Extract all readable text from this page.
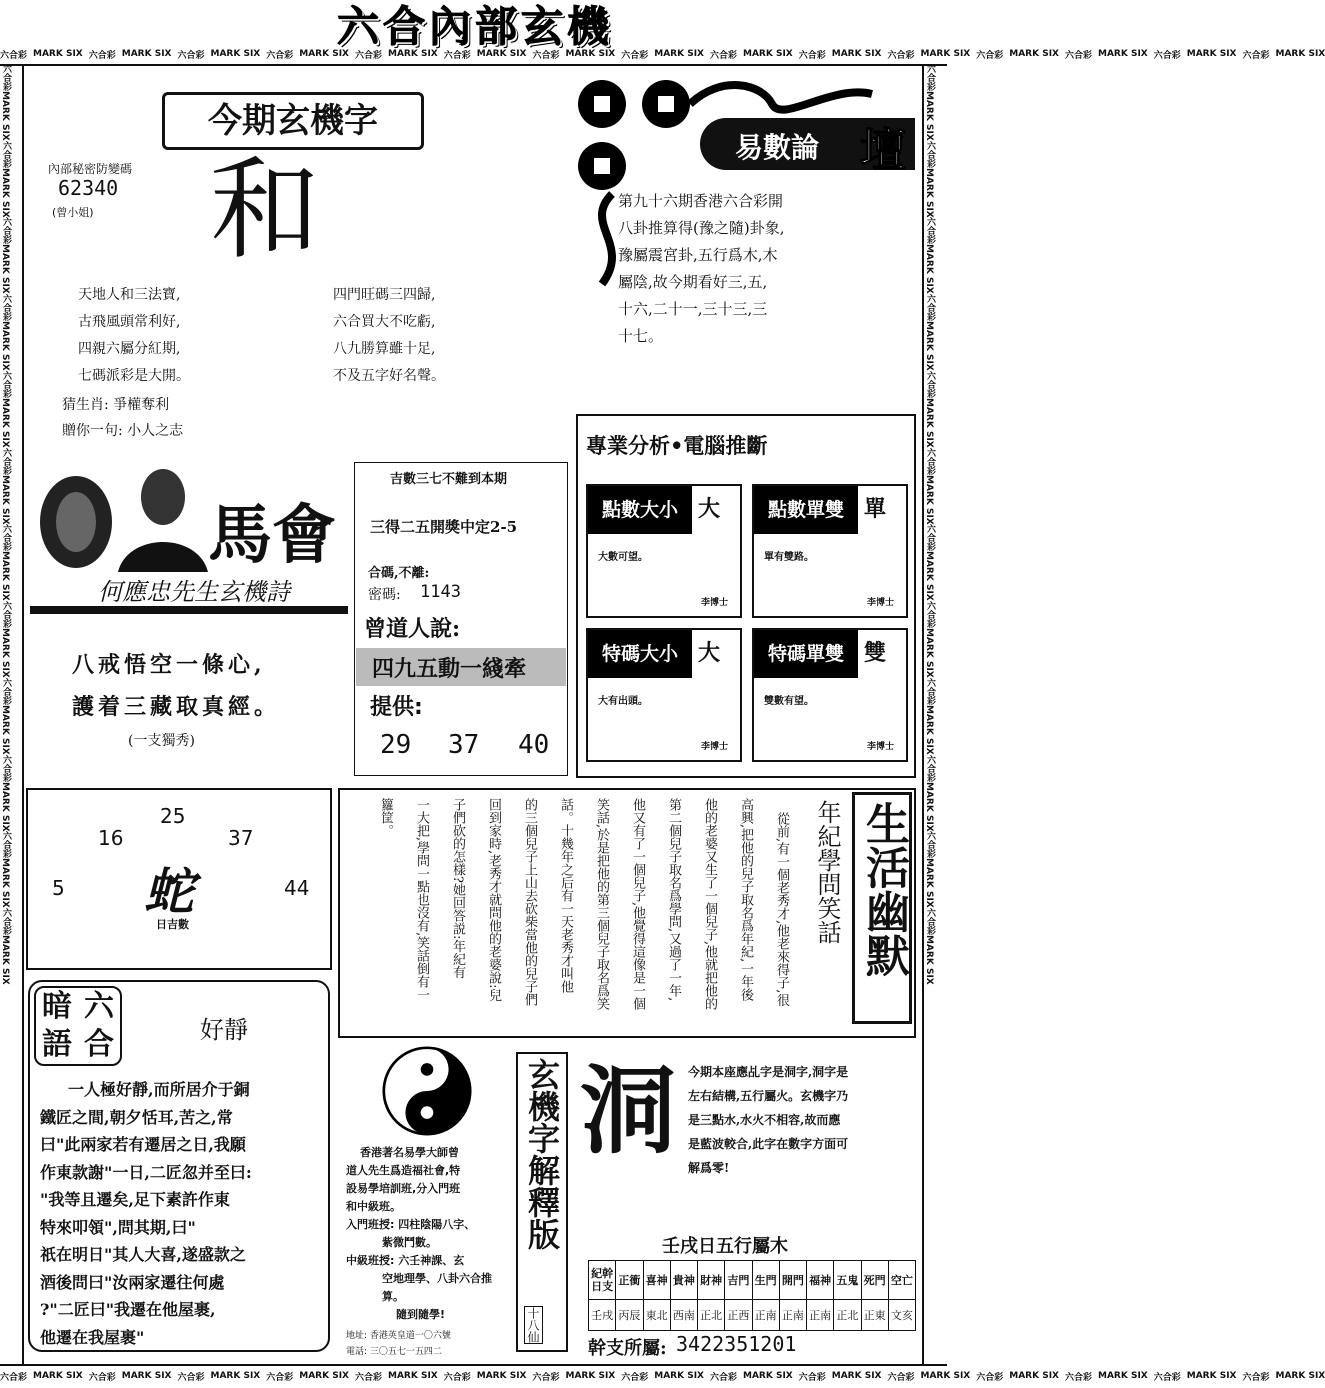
六合內部玄機
六合彩 MARK SIX 六合彩 MARK SIX 六合彩 MARK SIX 六合彩 MARK SIX 六合彩 MARK SIX 六合彩 MARK SIX 六合彩 MARK SIX 六合彩 MARK SIX 六合彩 MARK SIX 六合彩 MARK SIX 六合彩 MARK SIX 六合彩 MARK SIX 六合彩 MARK SIX 六合彩 MARK SIX 六合彩 MARK SIX
六合彩 MARK SIX 六合彩 MARK SIX 六合彩 MARK SIX 六合彩 MARK SIX 六合彩 MARK SIX 六合彩 MARK SIX 六合彩 MARK SIX 六合彩 MARK SIX 六合彩 MARK SIX 六合彩 MARK SIX 六合彩 MARK SIX 六合彩 MARK SIX 六合彩 MARK SIX 六合彩 MARK SIX 六合彩 MARK SIX
六合彩
MARK SIX
六合彩
MARK SIX
六合彩
MARK SIX
六合彩
MARK SIX
六合彩
MARK SIX
六合彩
MARK SIX
六合彩
MARK SIX
六合彩
MARK SIX
六合彩
MARK SIX
六合彩
MARK SIX
六合彩
MARK SIX
六合彩
MARK SIX
六合彩
MARK SIX
六合彩
MARK SIX
六合彩
MARK SIX
六合彩
MARK SIX
六合彩
MARK SIX
六合彩
MARK SIX
六合彩
MARK SIX
六合彩
MARK SIX
六合彩
MARK SIX
六合彩
MARK SIX
六合彩
MARK SIX
六合彩
MARK SIX
今期玄機字
內部秘密防變碼
62340
(曾小姐) 和
天地人和三法寶,
古飛風頭常利好,
四親六屬分紅期,
七碼派彩是大開。
四門旺碼三四歸,
六合買大不吃虧,
八九勝算雖十足,
不及五字好名聲。
猜生肖: 爭權奪利
贈你一句: 小人之志
易數論 壇
第九十六期香港六合彩開
八卦推算得(豫之隨)卦象,
豫屬震宮卦,五行爲木,木
屬陰,故今期看好三,五,
十六,二十一,三十三,三
十七。
專業分析•電腦推斷
點數大小 大
大數可望。
李博士
點數單雙 單
單有雙路。
李博士
特碼大小 大
大有出頭。
李博士
特碼單雙 雙
雙數有望。
李博士
馬會
何應忠先生玄機詩
八戒悟空一條心,
護着三藏取真經。
(一支獨秀)
吉數三七不難到本期
三得二五開獎中定2-5
合碼,不離:
密碼: 1143
曾道人說:
四九五動一綫牽
提供:
29 37 40
25
16	37
5	44
蛇
日吉數	生活幽默
年紀學問笑話
從前,有一個老秀才,他老來得子,很
高興,把他的兒子取名爲年紀,一年後
他的老婆又生了一個兒子,他就把他的
第二個兒子取名爲學問,又過了一年,
他又有了一個兒子,他覺得這像是一個
笑話,於是把他的第三個兒子取名爲笑
話。十幾年之后有一天老秀才叫他
的三個兒子上山去砍柴當他的兒子們
回到家時,老秀才就問他的老婆說:兒
子們砍的怎樣?她回答説:年紀有
一大把,學問一點也沒有,笑話倒有一
籮筐。
暗 六
語 合	好靜
一人極好靜,而所居介于銅
鐵匠之間,朝夕恬耳,苦之,常
曰"此兩家若有遷居之日,我願
作東款謝"一日,二匠忽并至曰:
"我等且遷矣,足下素許作東
特來叩領",問其期,曰"
祇在明日"其人大喜,遂盛款之
酒後問曰"汝兩家遷往何處
?"二匠曰"我遷在他屋裹,
他遷在我屋裹"
香港著名易學大師曾
道人先生爲造福社會,特
設易學培訓班,分入門班
和中級班。
入門班授: 四柱陰陽八字、
紫微鬥數。
中級班授: 六壬神課、玄
空地理學、八卦六合推算。
隨到隨學!
地址: 香港英皇道一〇六號
電話: 三〇五七一五四二
玄機字解釋版
十八仙
洞 今期本座應乩字是洞字,洞字是
左右結構,五行屬火。玄機字乃
是三點水,水火不相容,故而應
是藍波較合,此字在數字方面可
解爲零!
壬戌日五行屬木
紀幹日支	正衝	喜神	貴神	財神	吉門	生門	開門	福神	五鬼	死門	空亡
壬戌	丙辰	東北	西南	正北	正西	正南	正南	正南	正北	正東	文亥
幹支所屬: 3422351201
